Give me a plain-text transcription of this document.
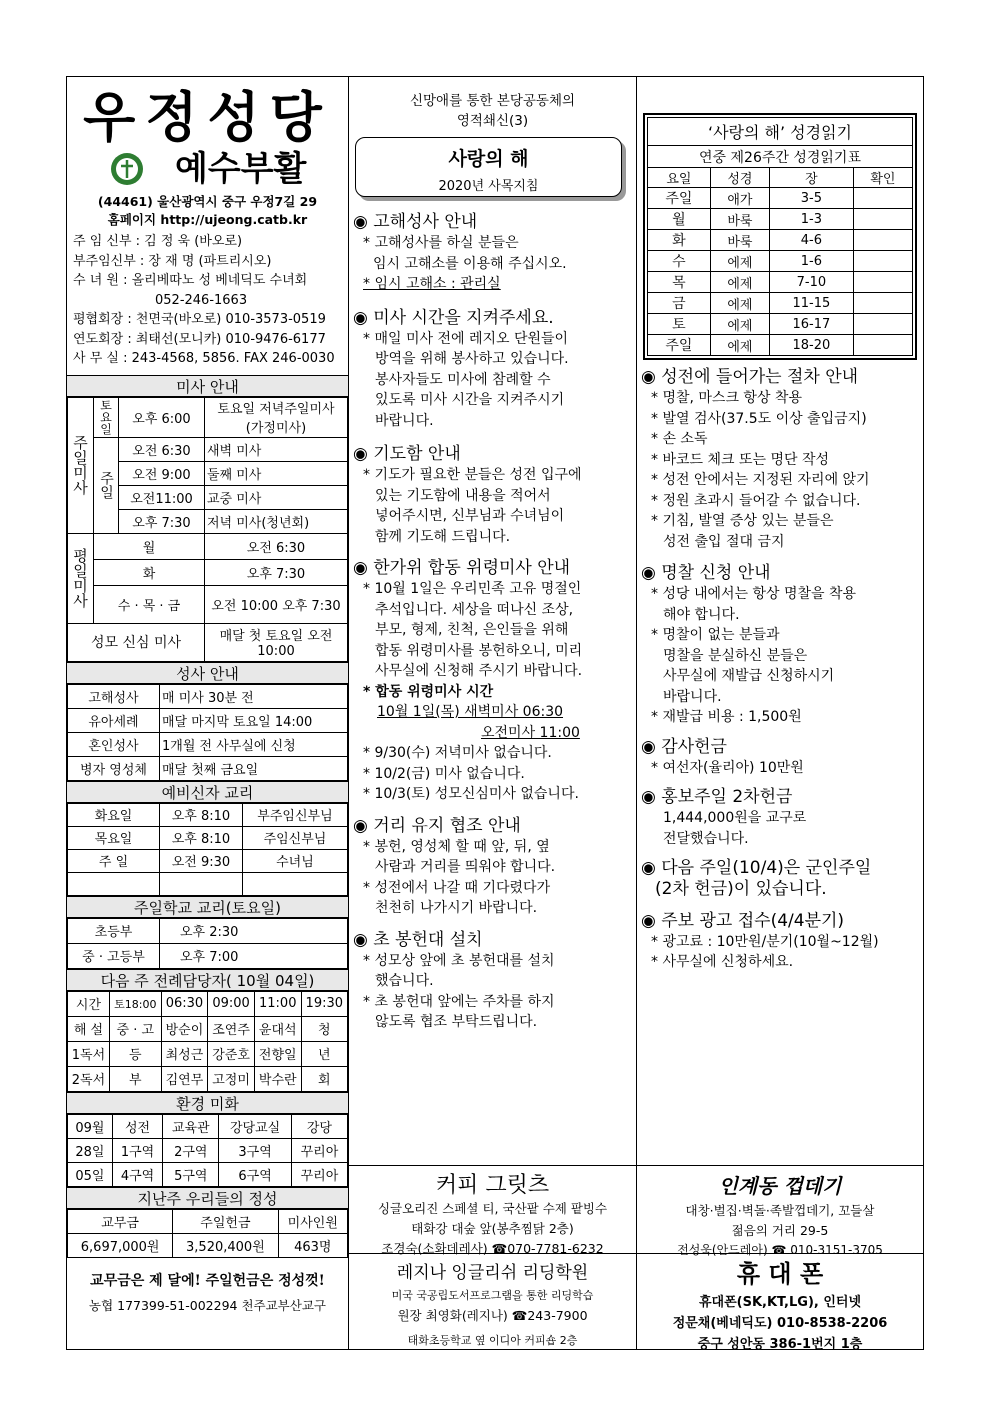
우정성당
예수부활
(44461) 울산광역시 중구 우정7길 29
홈페이지 http://ujeong.catb.kr
주 임 신부 : 김 정 욱 (바오로)
부주임신부 : 장 재 명 (파트리시오)
수 녀 원 : 올리베따노 성 베네딕도 수녀회
052-246-1663
평협회장 : 천면국(바오로) 010-3573-0519
연도회장 : 최태선(모니카) 010-9476-6177
사 무 실 : 243-4568, 5856. FAX 246-0030
미사 안내
주일미사	토요일	오후 6:00	토요일 저녁주일미사 (가정미사)
	주일	오전 6:30	새벽 미사
		오전 9:00	둘째 미사
		오전11:00	교중 미사
		오후 7:30	저녁 미사(청년회)
평일미사	월		오전 6:30
	화		오후 7:30
	수 · 목 · 금		오전 10:00 오후 7:30
성모 신심 미사			매달 첫 토요일 오전 10:00
성사 안내
고해성사	매 미사 30분 전
유아세례	매달 마지막 토요일 14:00
혼인성사	1개월 전 사무실에 신청
병자 영성체	매달 첫째 금요일
예비신자 교리
화요일	오후 8:10	부주임신부님
목요일	오후 8:10	주임신부님
주 일	오전 9:30	수녀님

주일학교 교리(토요일)
초등부	오후 2:30
중 · 고등부	오후 7:00
다음 주 전례담당자( 10월 04일)
시간	토18:00	06:30	09:00	11:00	19:30
해 설	중 · 고	방순이	조연주	윤대석	청
1독서	등	최성근	강준호	전향일	년
2독서	부	김연무	고정미	박수란	회
환경 미화
09월	성전	교육관	강당교실	강당
28일	1구역	2구역	3구역	꾸리아
05일	4구역	5구역	6구역	꾸리아
지난주 우리들의 정성
교무금	주일헌금	미사인원
6,697,000원	3,520,400원	463명
교무금은 제 달에! 주일헌금은 정성껏!
농협 177399-51-002294 천주교부산교구
신망애를 통한 본당공동체의
영적쇄신(3)
사랑의 해
2020년 사목지침
◉ 고해성사 안내
* 고해성사를 하실 분들은
임시 고해소를 이용해 주십시오.
* 임시 고해소 : 관리실
◉ 미사 시간을 지켜주세요.
* 매일 미사 전에 레지오 단원들이
방역을 위해 봉사하고 있습니다.
봉사자들도 미사에 참례할 수
있도록 미사 시간을 지켜주시기
바랍니다.
◉ 기도함 안내
* 기도가 필요한 분들은 성전 입구에
있는 기도함에 내용을 적어서
넣어주시면, 신부님과 수녀님이
함께 기도해 드립니다.
◉ 한가위 합동 위령미사 안내
* 10월 1일은 우리민족 고유 명절인
추석입니다. 세상을 떠나신 조상,
부모, 형제, 친척, 은인들을 위해
합동 위령미사를 봉헌하오니, 미리
사무실에 신청해 주시기 바랍니다.
* 합동 위령미사 시간
10월 1일(목) 새벽미사 06:30
오전미사 11:00
* 9/30(수) 저녁미사 없습니다.
* 10/2(금) 미사 없습니다.
* 10/3(토) 성모신심미사 없습니다.
◉ 거리 유지 협조 안내
* 봉헌, 영성체 할 때 앞, 뒤, 옆
사람과 거리를 띄워야 합니다.
* 성전에서 나갈 때 기다렸다가
천천히 나가시기 바랍니다.
◉ 초 봉헌대 설치
* 성모상 앞에 초 봉헌대를 설치
했습니다.
* 초 봉헌대 앞에는 주차를 하지
않도록 협조 부탁드립니다.
커피 그릿츠
싱글오리진 스페셜 티, 국산팥 수제 팥빙수
태화강 대숲 앞(봉추찜닭 2층)
조경숙(소화데레사) ☎070-7781-6232
레지나 잉글리쉬 리딩학원
미국 국공립도서프로그램을 통한 리딩학습
원장 최영화(레지나) ☎243-7900
태화초등학교 옆 이디아 커피숍 2층
‘사랑의 해’ 성경읽기			
연중 제26주간 성경읽기표			
요일	성경	장	확인
주일	애가	3-5	
월	바룩	1-3	
화	바룩	4-6	
수	에제	1-6	
목	에제	7-10	
금	에제	11-15	
토	에제	16-17	
주일	에제	18-20	
◉ 성전에 들어가는 절차 안내
* 명찰, 마스크 항상 착용
* 발열 검사(37.5도 이상 출입금지)
* 손 소독
* 바코드 체크 또는 명단 작성
* 성전 안에서는 지정된 자리에 앉기
* 정원 초과시 들어갈 수 없습니다.
* 기침, 발열 증상 있는 분들은
성전 출입 절대 금지
◉ 명찰 신청 안내
* 성당 내에서는 항상 명찰을 착용
해야 합니다.
* 명찰이 없는 분들과
명찰을 분실하신 분들은
사무실에 재발급 신청하시기
바랍니다.
* 재발급 비용 : 1,500원
◉ 감사헌금
* 여선자(율리아) 10만원
◉ 홍보주일 2차헌금
1,444,000원을 교구로
전달했습니다.
◉ 다음 주일(10/4)은 군인주일
(2차 헌금)이 있습니다.
◉ 주보 광고 접수(4/4분기)
* 광고료 : 10만원/분기(10월~12월)
* 사무실에 신청하세요.
인계동 껍데기
대창·벌집·벽돌·족발껍데기, 꼬들살
젊음의 거리 29-5
전성욱(안드레아) ☎ 010-3151-3705
휴 대 폰
휴대폰(SK,KT,LG), 인터넷
정문채(베네딕도) 010-8538-2206
중구 성안동 386-1번지 1층
